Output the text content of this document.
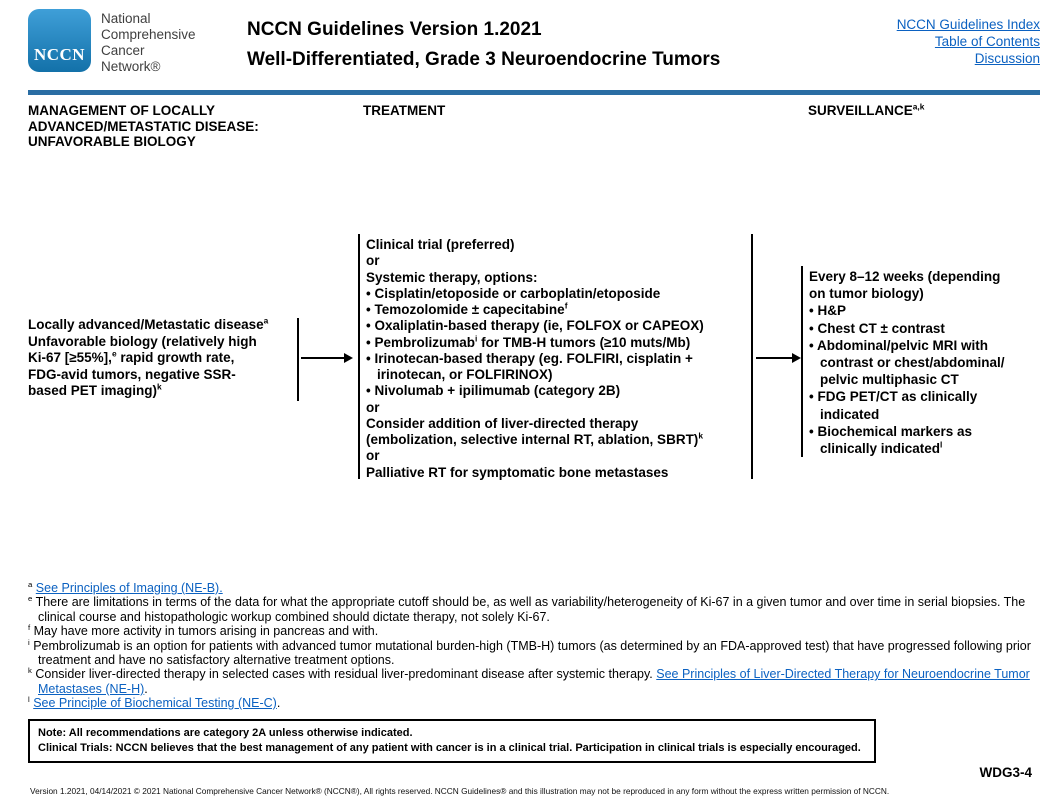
NCCN
National
Comprehensive
Cancer
Network®
NCCN Guidelines Version 1.2021
Well-Differentiated, Grade 3 Neuroendocrine Tumors
NCCN Guidelines Index
Table of Contents
Discussion
MANAGEMENT OF LOCALLY
ADVANCED/METASTATIC DISEASE:
UNFAVORABLE BIOLOGY
TREATMENT	SURVEILLANCE$^{a,k}$
Locally advanced/Metastatic disease$^a$
Unfavorable biology (relatively high
Ki-67 [≥55%],$^e$ rapid growth rate,
FDG-avid tumors, negative SSR-
based PET imaging)$^k$
Clinical trial (preferred)
or
Systemic therapy, options:
• Cisplatin/etoposide or carboplatin/etoposide
• Temozolomide ± capecitabine$^f$
• Oxaliplatin-based therapy (ie, FOLFOX or CAPEOX)
• Pembrolizumab$^i$ for TMB-H tumors (≥10 muts/Mb)
• Irinotecan-based therapy (eg. FOLFIRI, cisplatin +
irinotecan, or FOLFIRINOX)
• Nivolumab + ipilimumab (category 2B)
or
Consider addition of liver-directed therapy
(embolization, selective internal RT, ablation, SBRT)$^k$
or
Palliative RT for symptomatic bone metastases
Every 8–12 weeks (depending
on tumor biology)
• H&P
• Chest CT ± contrast
• Abdominal/pelvic MRI with
contrast or chest/abdominal/
pelvic multiphasic CT
• FDG PET/CT as clinically
indicated
• Biochemical markers as
clinically indicated$^l$
$^a$ See Principles of Imaging (NE-B).
$^e$ There are limitations in terms of the data for what the appropriate cutoff should be, as well as variability/heterogeneity of Ki-67 in a given tumor and over time in serial biopsies. The clinical course and histopathologic workup combined should dictate therapy, not solely Ki-67.
$^f$ May have more activity in tumors arising in pancreas and with.
$^i$ Pembrolizumab is an option for patients with advanced tumor mutational burden-high (TMB-H) tumors (as determined by an FDA-approved test) that have progressed following prior treatment and have no satisfactory alternative treatment options.
$^k$ Consider liver-directed therapy in selected cases with residual liver-predominant disease after systemic therapy. See Principles of Liver-Directed Therapy for Neuroendocrine Tumor Metastases (NE-H).
$^l$ See Principle of Biochemical Testing (NE-C).
Note: All recommendations are category 2A unless otherwise indicated.
Clinical Trials: NCCN believes that the best management of any patient with cancer is in a clinical trial. Participation in clinical trials is especially encouraged.
WDG3-4
Version 1.2021, 04/14/2021 © 2021 National Comprehensive Cancer Network® (NCCN®), All rights reserved. NCCN Guidelines® and this illustration may not be reproduced in any form without the express written permission of NCCN.
